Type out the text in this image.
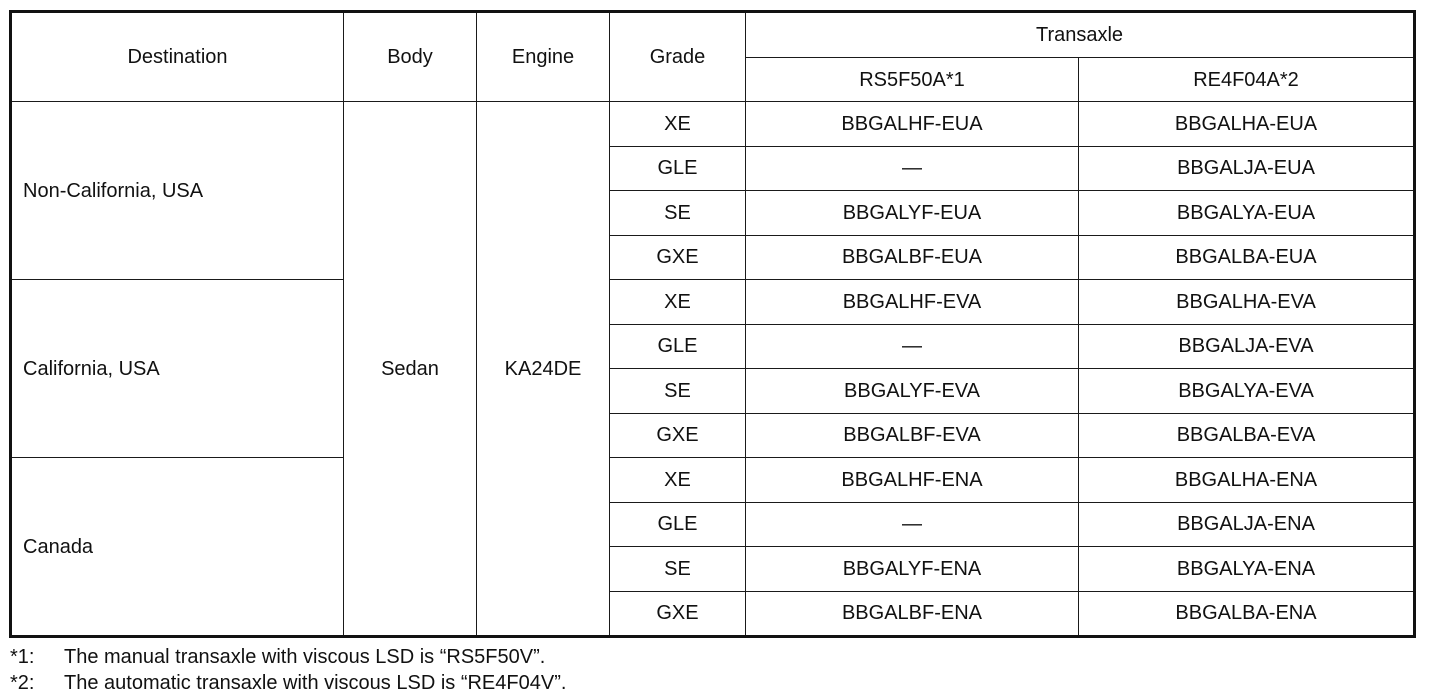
Destination	Body	Engine	Grade	Transaxle	
				RS5F50A*1	RE4F04A*2
Non-California, USA	Sedan	KA24DE	XE	BBGALHF-EUA	BBGALHA-EUA
			GLE	—	BBGALJA-EUA
			SE	BBGALYF-EUA	BBGALYA-EUA
			GXE	BBGALBF-EUA	BBGALBA-EUA
California, USA			XE	BBGALHF-EVA	BBGALHA-EVA
			GLE	—	BBGALJA-EVA
			SE	BBGALYF-EVA	BBGALYA-EVA
			GXE	BBGALBF-EVA	BBGALBA-EVA
Canada			XE	BBGALHF-ENA	BBGALHA-ENA
			GLE	—	BBGALJA-ENA
			SE	BBGALYF-ENA	BBGALYA-ENA
			GXE	BBGALBF-ENA	BBGALBA-ENA
*1:	The manual transaxle with viscous LSD is “RS5F50V”.
*2:	The automatic transaxle with viscous LSD is “RE4F04V”.
